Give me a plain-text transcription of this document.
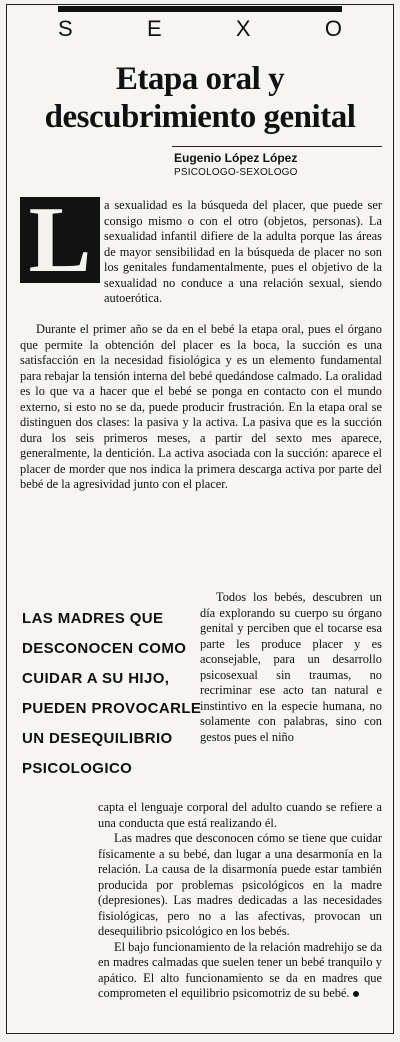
S	E	X	O
Etapa oral y
descubrimiento genital
Eugenio López López
PSICOLOGO-SEXOLOGO
L	a sexualidad es la búsqueda del placer, que puede ser consigo mismo o con el otro (objetos, personas). La sexualidad infantil difiere de la adulta porque las áreas de mayor sensibilidad en la búsqueda de placer no son los genitales fundamentalmente, pues el objetivo de la sexualidad no conduce a una relación sexual, siendo autoerótica.

Durante el primer año se da en el bebé la etapa oral, pues el órgano que permite la obtención del placer es la boca, la succión es una satisfacción en la necesidad fisiológica y es un elemento fundamental para rebajar la tensión interna del bebé quedándose calmado. La oralidad es lo que va a hacer que el bebé se ponga en contacto con el mundo externo, si esto no se da, puede producir frustración. En la etapa oral se distinguen dos clases: la pasiva y la activa. La pasiva que es la succión dura los seis primeros meses, a partir del sexto mes aparece, generalmente, la dentición. La activa asociada con la succión: aparece el placer de morder que nos indica la primera descarga activa por parte del bebé de la agresividad junto con el placer.

LAS MADRES QUE
DESCONOCEN COMO
CUIDAR A SU HIJO,
PUEDEN PROVOCARLE
UN DESEQUILIBRIO
PSICOLOGICO

Todos los bebés, descubren un día explorando su cuerpo su órgano genital y perciben que el tocarse esa parte les produce placer y es aconsejable, para un desarrollo psicosexual sin traumas, no recriminar ese acto tan natural e instintivo en la especie humana, no solamente con palabras, sino con gestos pues el niño

capta el lenguaje corporal del adulto cuando se refiere a una conducta que está realizando él.

Las madres que desconocen cómo se tiene que cuidar físicamente a su bebé, dan lugar a una desarmonía en la relación. La causa de la disarmonía puede estar también producida por problemas psicológicos en la madre (depresiones). Las madres dedicadas a las necesidades fisiológicas, pero no a las afectivas, provocan un desequilibrio psicológico en los bebés.

El bajo funcionamiento de la relación madrehijo se da en madres calmadas que suelen tener un bebé tranquilo y apático. El alto funcionamiento se da en madres que comprometen el equilibrio psicomotriz de su bebé.
